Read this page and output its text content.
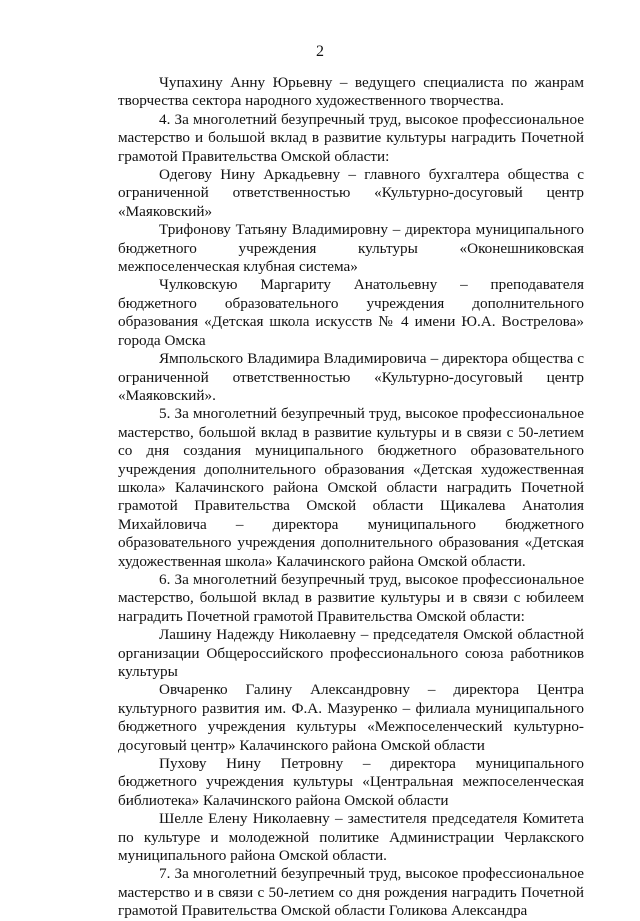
2

Чупахину Анну Юрьевну – ведущего специалиста по жанрам творчества сектора народного художественного творчества.

4. За многолетний безупречный труд, высокое профессиональное мастерство и большой вклад в развитие культуры наградить Почетной грамотой Правительства Омской области:

Одегову Нину Аркадьевну – главного бухгалтера общества с ограниченной ответственностью «Культурно-досуговый центр «Маяковский»

Трифонову Татьяну Владимировну – директора муниципального бюджетного учреждения культуры «Оконешниковская межпоселенческая клубная система»

Чулковскую Маргариту Анатольевну – преподавателя бюджетного образовательного учреждения дополнительного образования «Детская школа искусств № 4 имени Ю.А. Вострелова» города Омска

Ямпольского Владимира Владимировича – директора общества с ограниченной ответственностью «Культурно-досуговый центр «Маяковский».

5. За многолетний безупречный труд, высокое профессиональное мастерство, большой вклад в развитие культуры и в связи с 50-летием со дня создания муниципального бюджетного образовательного учреждения дополнительного образования «Детская художественная школа» Калачинского района Омской области наградить Почетной грамотой Правительства Омской области Щикалева Анатолия Михайловича – директора муниципального бюджетного образовательного учреждения дополнительного образования «Детская художественная школа» Калачинского района Омской области.

6. За многолетний безупречный труд, высокое профессиональное мастерство, большой вклад в развитие культуры и в связи с юбилеем наградить Почетной грамотой Правительства Омской области:

Лашину Надежду Николаевну – председателя Омской областной организации Общероссийского профессионального союза работников культуры

Овчаренко Галину Александровну – директора Центра культурного развития им. Ф.А. Мазуренко – филиала муниципального бюджетного учреждения культуры «Межпоселенческий культурно-досуговый центр» Калачинского района Омской области

Пухову Нину Петровну – директора муниципального бюджетного учреждения культуры «Центральная межпоселенческая библиотека» Калачинского района Омской области

Шелле Елену Николаевну – заместителя председателя Комитета по культуре и молодежной политике Администрации Черлакского муниципального района Омской области.

7. За многолетний безупречный труд, высокое профессиональное мастерство и в связи с 50-летием со дня рождения наградить Почетной грамотой Правительства Омской области Голикова Александра
